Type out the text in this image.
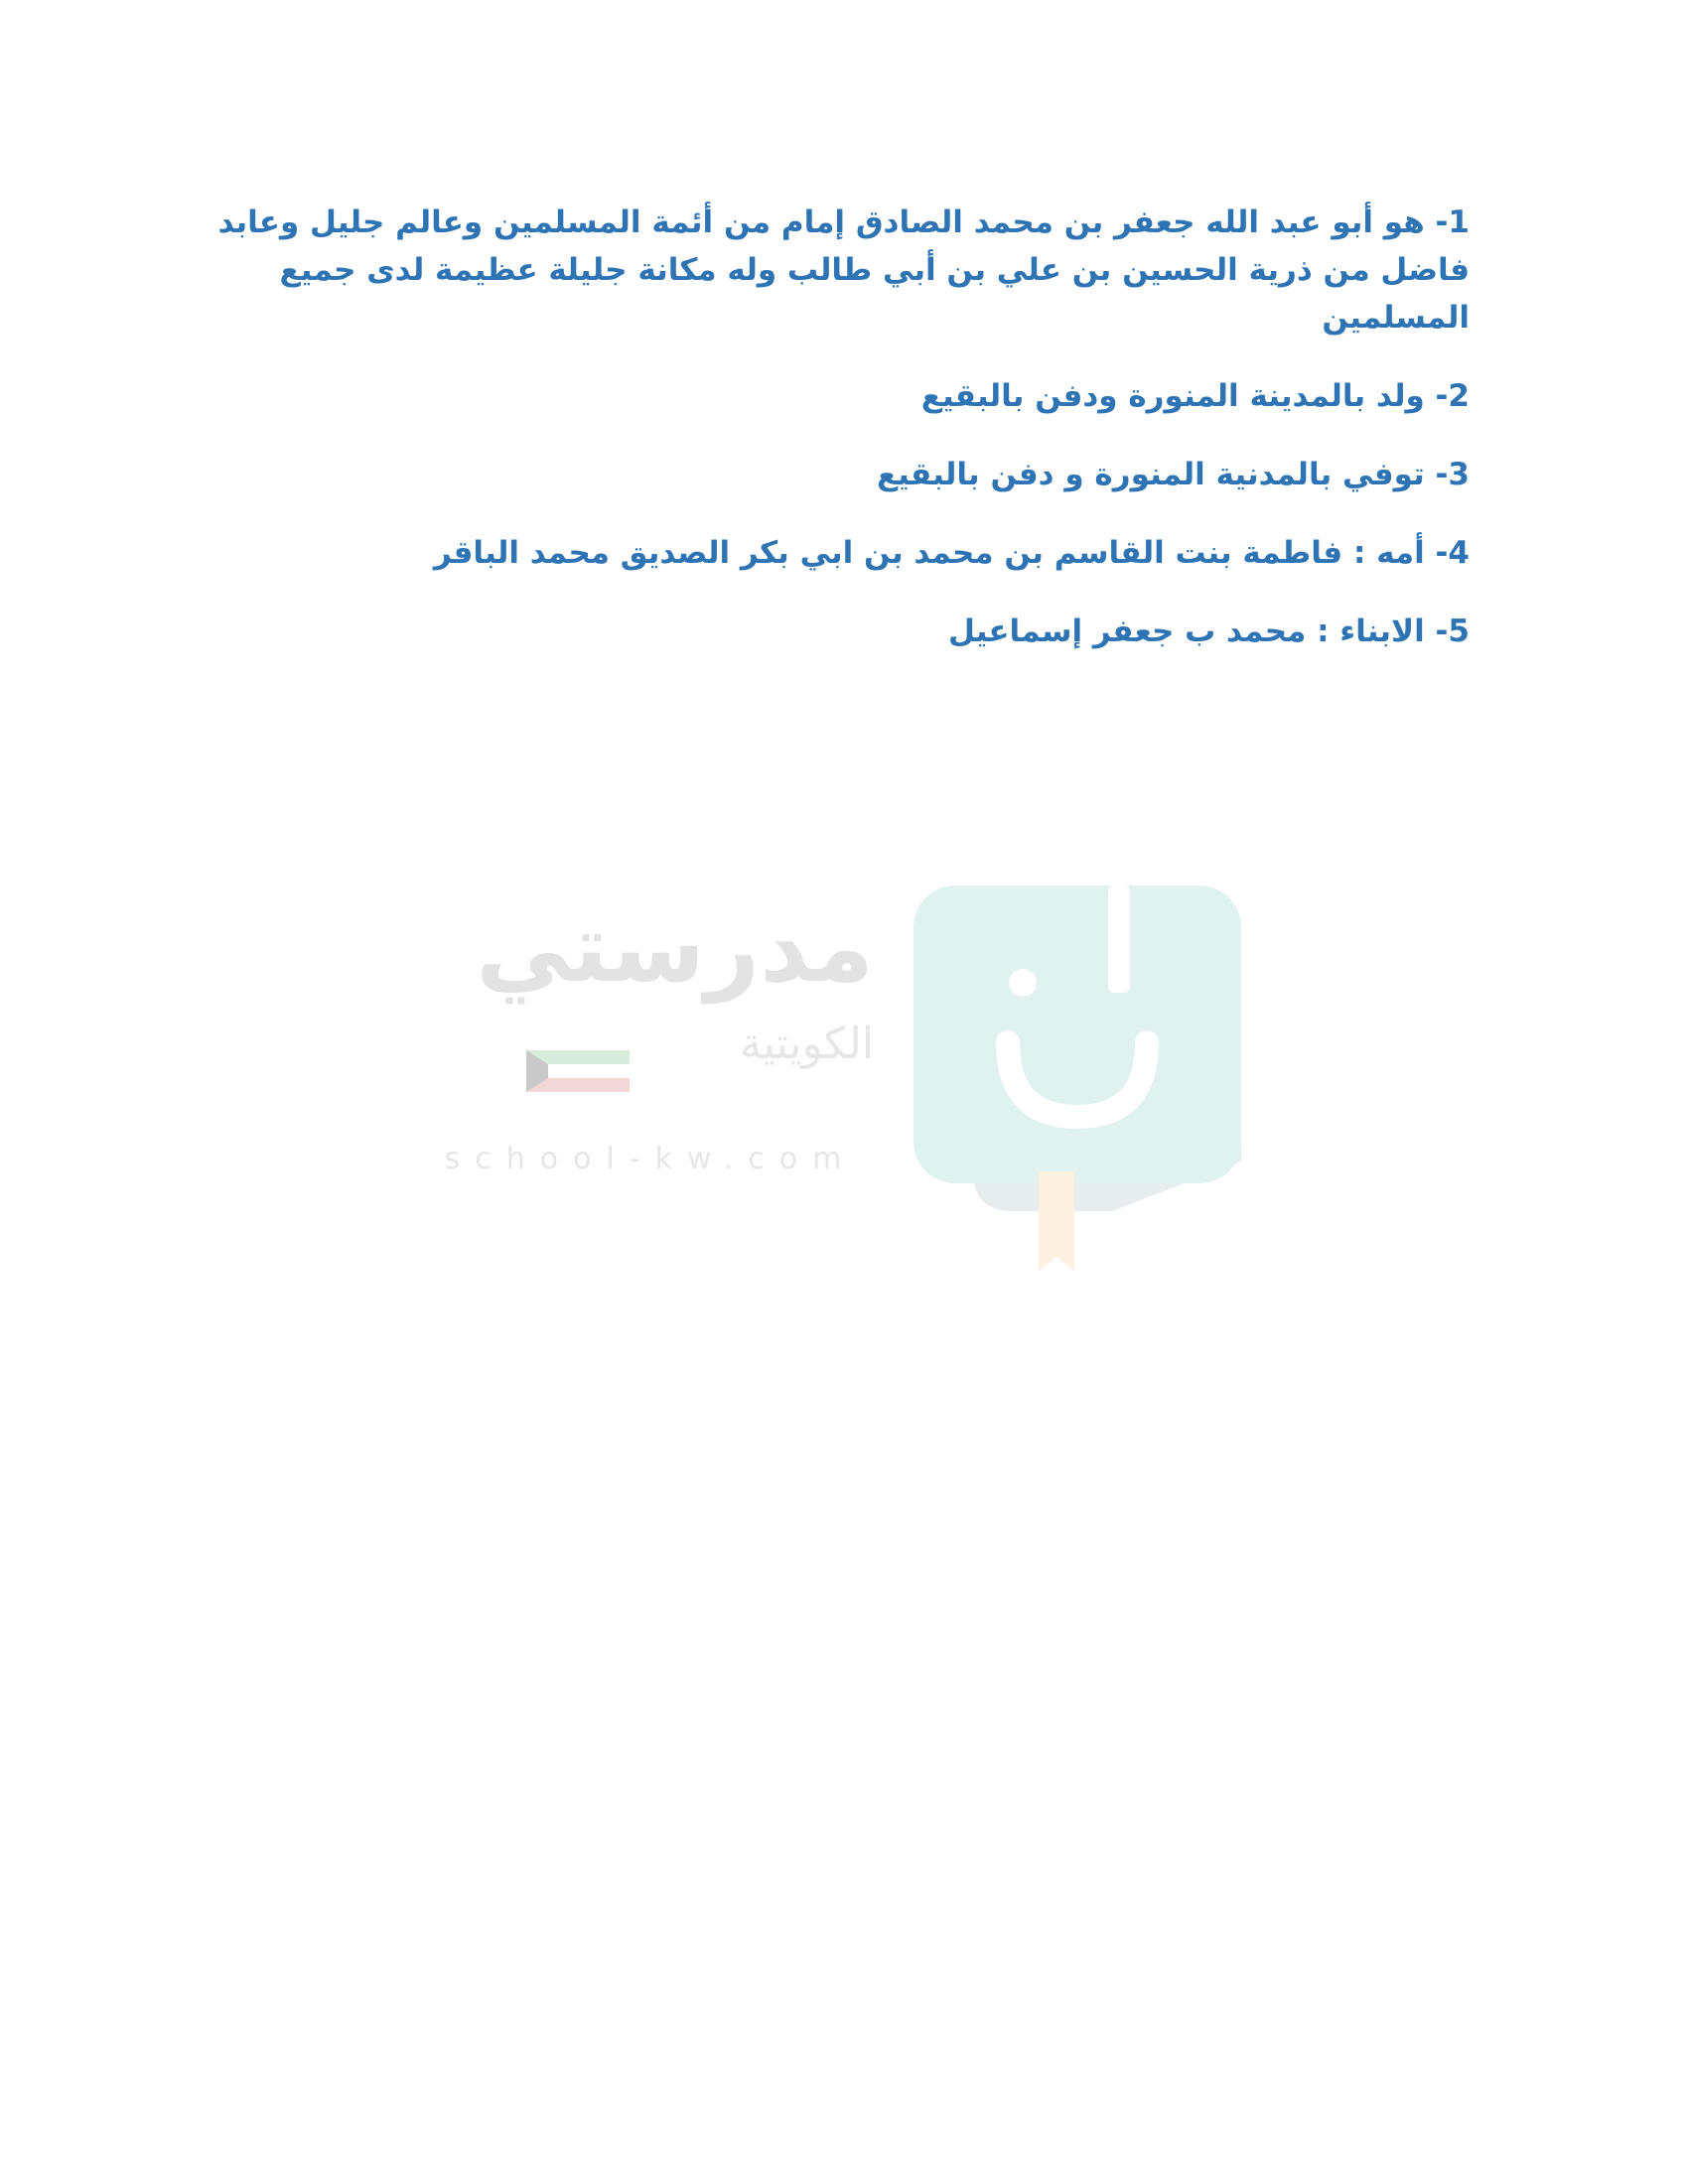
1- هو أبو عبد الله جعفر بن محمد الصادق إمام من أئمة المسلمين وعالم جليل وعابد فاضل من ذرية الحسين بن علي بن أبي طالب وله مكانة جليلة عظيمة لدى جميع المسلمين

2- ولد بالمدينة المنورة ودفن بالبقيع

3- توفي بالمدنية المنورة و دفن بالبقيع

4- أمه : فاطمة بنت القاسم بن محمد بن ابي بكر الصديق محمد الباقر

5- الابناء : محمد ب جعفر إسماعيل

مدرستي
الكويتية
school-kw.com
